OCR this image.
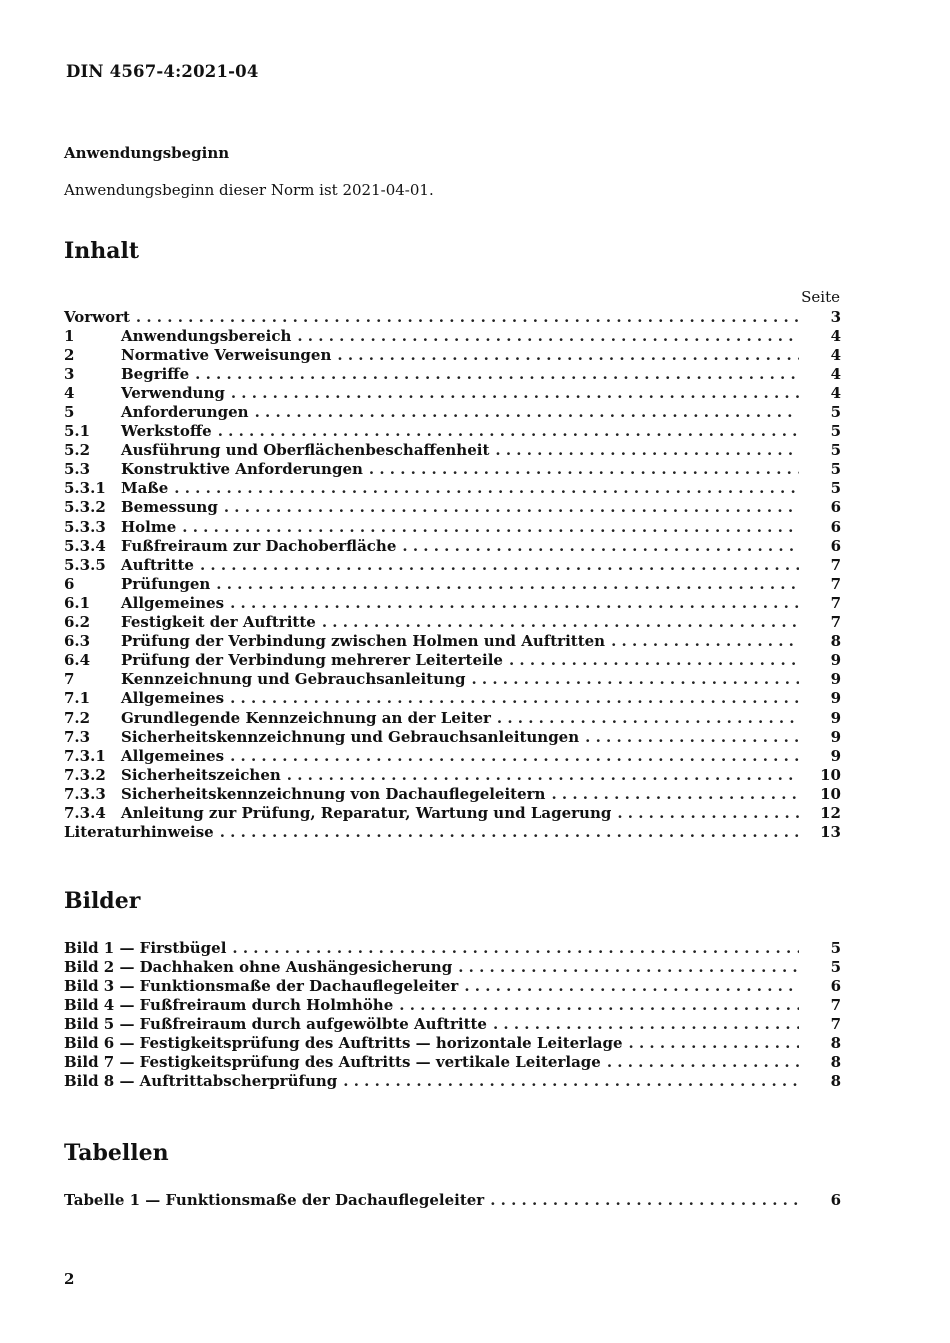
DIN 4567-4:2021-04
Anwendungsbeginn
Anwendungsbeginn dieser Norm ist 2021-04-01.
Inhalt
Seite
Vorwort . . .	3
1	Anwendungsbereich . . .	4
2	Normative Verweisungen . . .	4
3	Begriffe . . .	4
4	Verwendung . . .	4
5	Anforderungen . . .	5
5.1	Werkstoffe . . .	5
5.2	Ausführung und Oberflächenbeschaffenheit . . .	5
5.3	Konstruktive Anforderungen . . .	5
5.3.1	Maße . . .	5
5.3.2	Bemessung . . .	6
5.3.3	Holme . . .	6
5.3.4	Fußfreiraum zur Dachoberfläche . . .	6
5.3.5	Auftritte . . .	7
6	Prüfungen . . .	7
6.1	Allgemeines . . .	7
6.2	Festigkeit der Auftritte . . .	7
6.3	Prüfung der Verbindung zwischen Holmen und Auftritten . . .	8
6.4	Prüfung der Verbindung mehrerer Leiterteile . . .	9
7	Kennzeichnung und Gebrauchsanleitung . . .	9
7.1	Allgemeines . . .	9
7.2	Grundlegende Kennzeichnung an der Leiter . . .	9
7.3	Sicherheitskennzeichnung und Gebrauchsanleitungen . . .	9
7.3.1	Allgemeines . . .	9
7.3.2	Sicherheitszeichen . . .	10
7.3.3	Sicherheitskennzeichnung von Dachauflegeleitern . . .	10
7.3.4	Anleitung zur Prüfung, Reparatur, Wartung und Lagerung . . .	12
Literaturhinweise . . .	13
Bilder
Bild 1 — Firstbügel . . .	5
Bild 2 — Dachhaken ohne Aushängesicherung . . .	5
Bild 3 — Funktionsmaße der Dachauflegeleiter . . .	6
Bild 4 — Fußfreiraum durch Holmhöhe . . .	7
Bild 5 — Fußfreiraum durch aufgewölbte Auftritte . . .	7
Bild 6 — Festigkeitsprüfung des Auftritts — horizontale Leiterlage . . .	8
Bild 7 — Festigkeitsprüfung des Auftritts — vertikale Leiterlage . . .	8
Bild 8 — Auftrittabscherprüfung . . .	8
Tabellen
Tabelle 1 — Funktionsmaße der Dachauflegeleiter . . .	6
2
